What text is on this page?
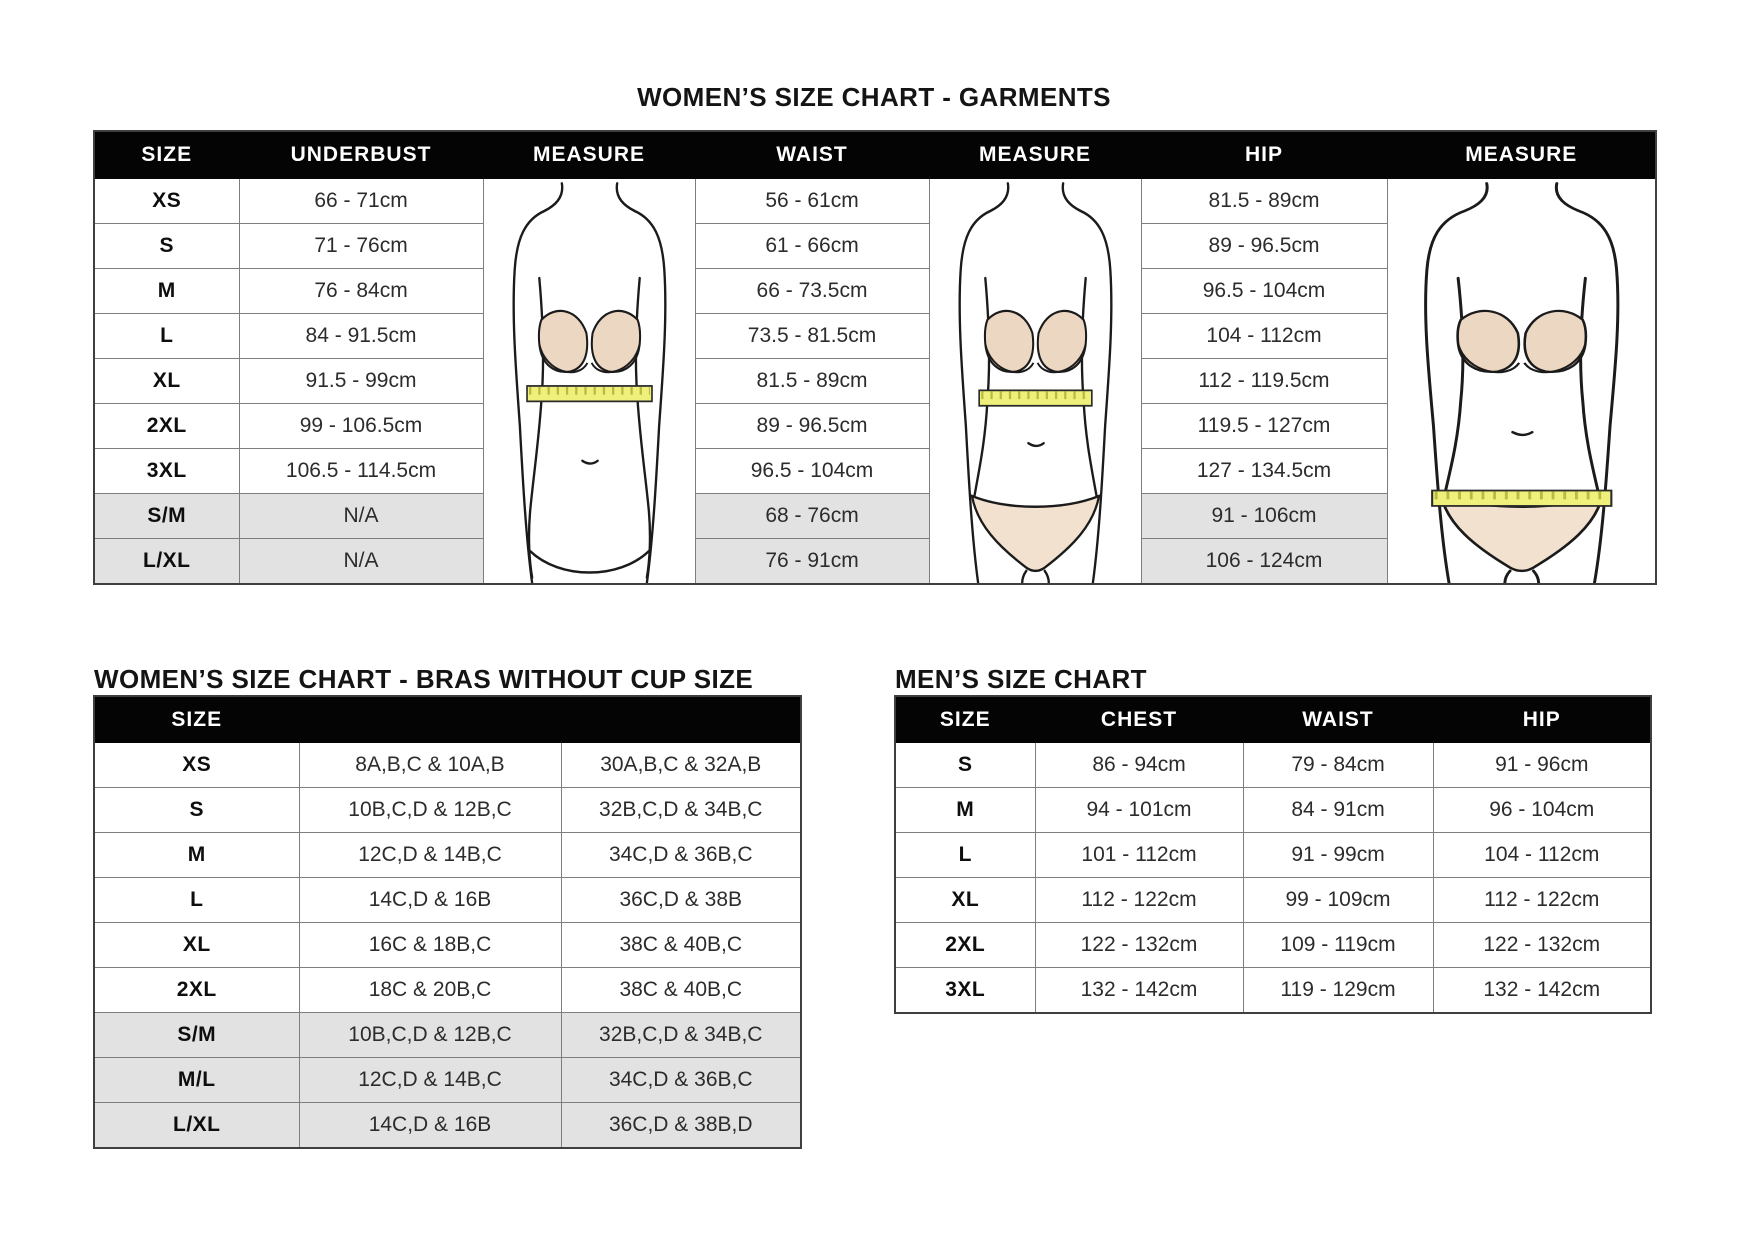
WOMEN’S SIZE CHART - GARMENTS
SIZE	UNDERBUST	MEASURE	WAIST	MEASURE	HIP	MEASURE
XS	66 - 71cm		56 - 61cm		81.5 - 89cm	

S	71 - 76cm		61 - 66cm		89 - 96.5cm	
M	76 - 84cm		66 - 73.5cm		96.5 - 104cm	
L	84 - 91.5cm		73.5 - 81.5cm		104 - 112cm	
XL	91.5 - 99cm		81.5 - 89cm		112 - 119.5cm	
2XL	99 - 106.5cm		89 - 96.5cm		119.5 - 127cm	
3XL	106.5 - 114.5cm		96.5 - 104cm		127 - 134.5cm	
S/M	N/A		68 - 76cm		91 - 106cm	
L/XL	N/A		76 - 91cm		106 - 124cm	
WOMEN’S SIZE CHART - BRAS WITHOUT CUP SIZE
SIZE		
XS	8A,B,C & 10A,B	30A,B,C & 32A,B
S	10B,C,D & 12B,C	32B,C,D & 34B,C
M	12C,D & 14B,C	34C,D & 36B,C
L	14C,D & 16B	36C,D & 38B
XL	16C & 18B,C	38C & 40B,C
2XL	18C & 20B,C	38C & 40B,C
S/M	10B,C,D & 12B,C	32B,C,D & 34B,C
M/L	12C,D & 14B,C	34C,D & 36B,C
L/XL	14C,D & 16B	36C,D & 38B,D
MEN’S SIZE CHART
SIZE	CHEST	WAIST	HIP
S	86 - 94cm	79 - 84cm	91 - 96cm
M	94 - 101cm	84 - 91cm	96 - 104cm
L	101 - 112cm	91 - 99cm	104 - 112cm
XL	112 - 122cm	99 - 109cm	112 - 122cm
2XL	122 - 132cm	109 - 119cm	122 - 132cm
3XL	132 - 142cm	119 - 129cm	132 - 142cm
